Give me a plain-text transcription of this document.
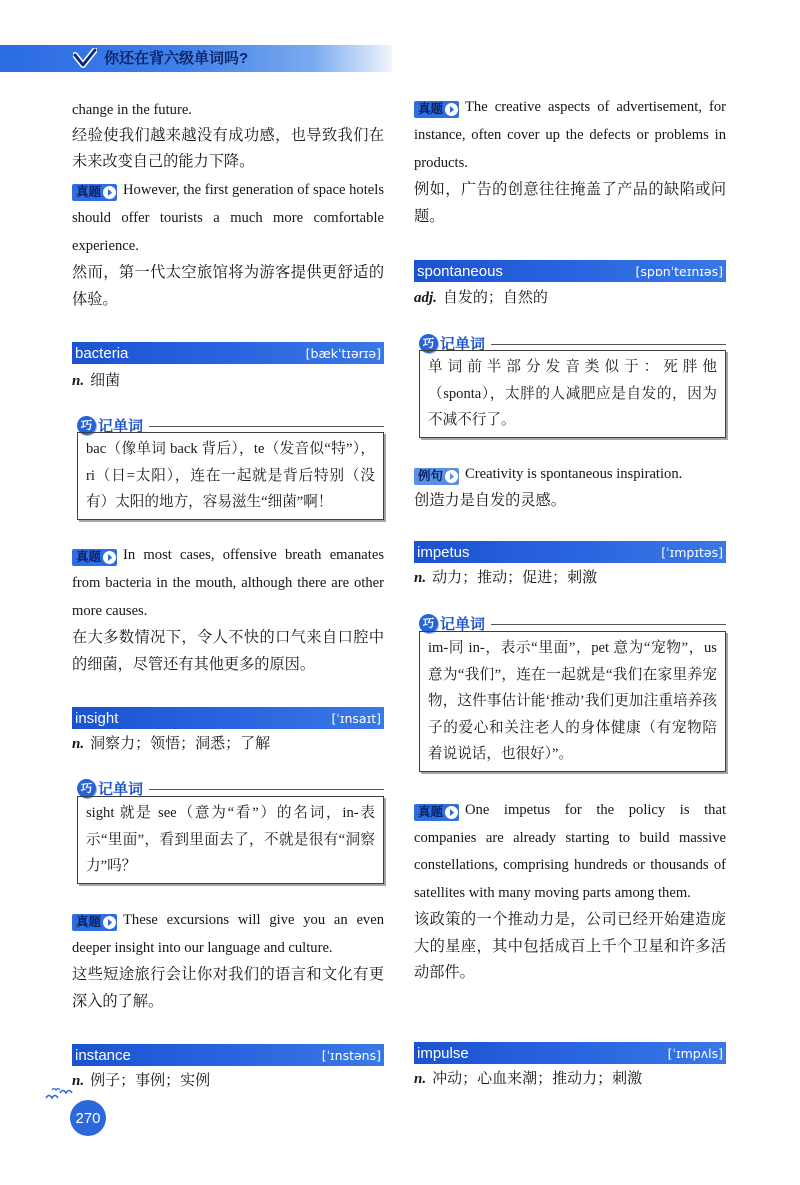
你还在背六级单词吗?

change in the future.

经验使我们越来越没有成功感，也导致我们在未来改变自己的能力下降。

真题 However, the first generation of space hotels should offer tourists a much more comfortable experience.

然而，第一代太空旅馆将为游客提供更舒适的体验。

bacteria	[bækˈtɪərɪə]

n. 细菌

巧 记单词

bac（像单词 back 背后），te（发音似“特”），ri（日=太阳），连在一起就是背后特别（没有）太阳的地方，容易滋生“细菌”啊！

真题 In most cases, offensive breath emanates from bacteria in the mouth, although there are other more causes.

在大多数情况下，令人不快的口气来自口腔中的细菌，尽管还有其他更多的原因。

insight	[ˈɪnsaɪt]

n. 洞察力；领悟；洞悉；了解

巧 记单词

sight 就是 see（意为“看”）的名词，in-表示“里面”，看到里面去了，不就是很有“洞察力”吗？

真题 These excursions will give you an even deeper insight into our language and culture.

这些短途旅行会让你对我们的语言和文化有更深入的了解。

instance	[ˈɪnstəns]

n. 例子；事例；实例

270

真题 The creative aspects of advertisement, for instance, often cover up the defects or problems in products.

例如，广告的创意往往掩盖了产品的缺陷或问题。

spontaneous	[spɒnˈteɪnɪəs]

adj. 自发的；自然的

巧 记单词

单词前半部分发音类似于：死胖他（sponta），太胖的人减肥应是自发的，因为不减不行了。

例句 Creativity is spontaneous inspiration.

创造力是自发的灵感。

impetus	[ˈɪmpɪtəs]

n. 动力；推动；促进；刺激

巧 记单词

im-同 in-，表示“里面”，pet 意为“宠物”，us 意为“我们”，连在一起就是“我们在家里养宠物，这件事估计能‘推动’我们更加注重培养孩子的爱心和关注老人的身体健康（有宠物陪着说说话，也很好）”。

真题 One impetus for the policy is that companies are already starting to build massive constellations, comprising hundreds or thousands of satellites with many moving parts among them.

该政策的一个推动力是，公司已经开始建造庞大的星座，其中包括成百上千个卫星和许多活动部件。

impulse	[ˈɪmpʌls]

n. 冲动；心血来潮；推动力；刺激
